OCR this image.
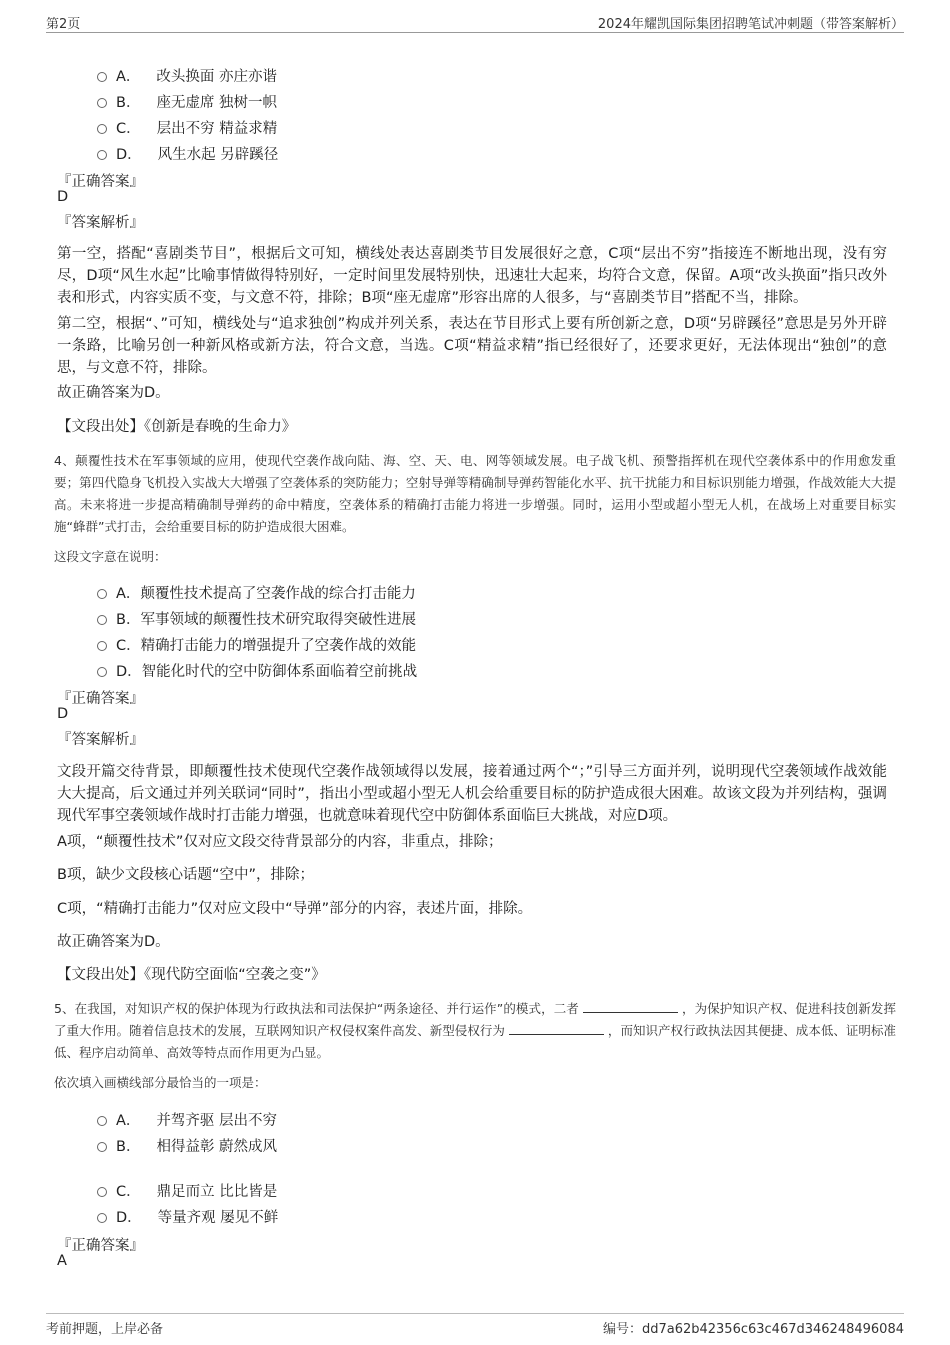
第2页	2024年耀凯国际集团招聘笔试冲刺题（带答案解析）
A． 改头换面 亦庄亦谐
B． 座无虚席 独树一帜
C． 层出不穷 精益求精
D． 风生水起 另辟蹊径
『正确答案』
D
『答案解析』
第一空，搭配“喜剧类节目”，根据后文可知，横线处表达喜剧类节目发展很好之意，C项“层出不穷”指接连不断地出现，没有穷尽，D项“风生水起”比喻事情做得特别好，一定时间里发展特别快，迅速壮大起来，均符合文意，保留。A项“改头换面”指只改外表和形式，内容实质不变，与文意不符，排除；B项“座无虚席”形容出席的人很多，与“喜剧类节目”搭配不当，排除。
第二空，根据“、”可知，横线处与“追求独创”构成并列关系，表达在节目形式上要有所创新之意，D项“另辟蹊径”意思是另外开辟一条路，比喻另创一种新风格或新方法，符合文意，当选。C项“精益求精”指已经很好了，还要求更好，无法体现出“独创”的意思，与文意不符，排除。
故正确答案为D。
【文段出处】《创新是春晚的生命力》
4、颠覆性技术在军事领域的应用，使现代空袭作战向陆、海、空、天、电、网等领域发展。电子战飞机、预警指挥机在现代空袭体系中的作用愈发重要；第四代隐身飞机投入实战大大增强了空袭体系的突防能力；空射导弹等精确制导弹药智能化水平、抗干扰能力和目标识别能力增强，作战效能大大提高。未来将进一步提高精确制导弹药的命中精度，空袭体系的精确打击能力将进一步增强。同时，运用小型或超小型无人机，在战场上对重要目标实施“蜂群”式打击，会给重要目标的防护造成很大困难。
这段文字意在说明：
A．颠覆性技术提高了空袭作战的综合打击能力
B．军事领域的颠覆性技术研究取得突破性进展
C．精确打击能力的增强提升了空袭作战的效能
D．智能化时代的空中防御体系面临着空前挑战
『正确答案』
D
『答案解析』
文段开篇交待背景，即颠覆性技术使现代空袭作战领域得以发展，接着通过两个“；”引导三方面并列，说明现代空袭领域作战效能大大提高，后文通过并列关联词“同时”，指出小型或超小型无人机会给重要目标的防护造成很大困难。故该文段为并列结构，强调现代军事空袭领域作战时打击能力增强，也就意味着现代空中防御体系面临巨大挑战，对应D项。
A项，“颠覆性技术”仅对应文段交待背景部分的内容，非重点，排除；
B项，缺少文段核心话题“空中”，排除；
C项，“精确打击能力”仅对应文段中“导弹”部分的内容，表述片面，排除。
故正确答案为D。
【文段出处】《现代防空面临“空袭之变”》
5、在我国，对知识产权的保护体现为行政执法和司法保护“两条途径、并行运作”的模式，二者	，为保护知识产权、促进科技创新发挥了重大作用。随着信息技术的发展，互联网知识产权侵权案件高发、新型侵权行为	，而知识产权行政执法因其便捷、成本低、证明标准低、程序启动简单、高效等特点而作用更为凸显。
依次填入画横线部分最恰当的一项是：
A． 并驾齐驱 层出不穷
B． 相得益彰 蔚然成风
C． 鼎足而立 比比皆是
D． 等量齐观 屡见不鲜
『正确答案』
A
考前押题，上岸必备	编号：dd7a62b42356c63c467d346248496084
